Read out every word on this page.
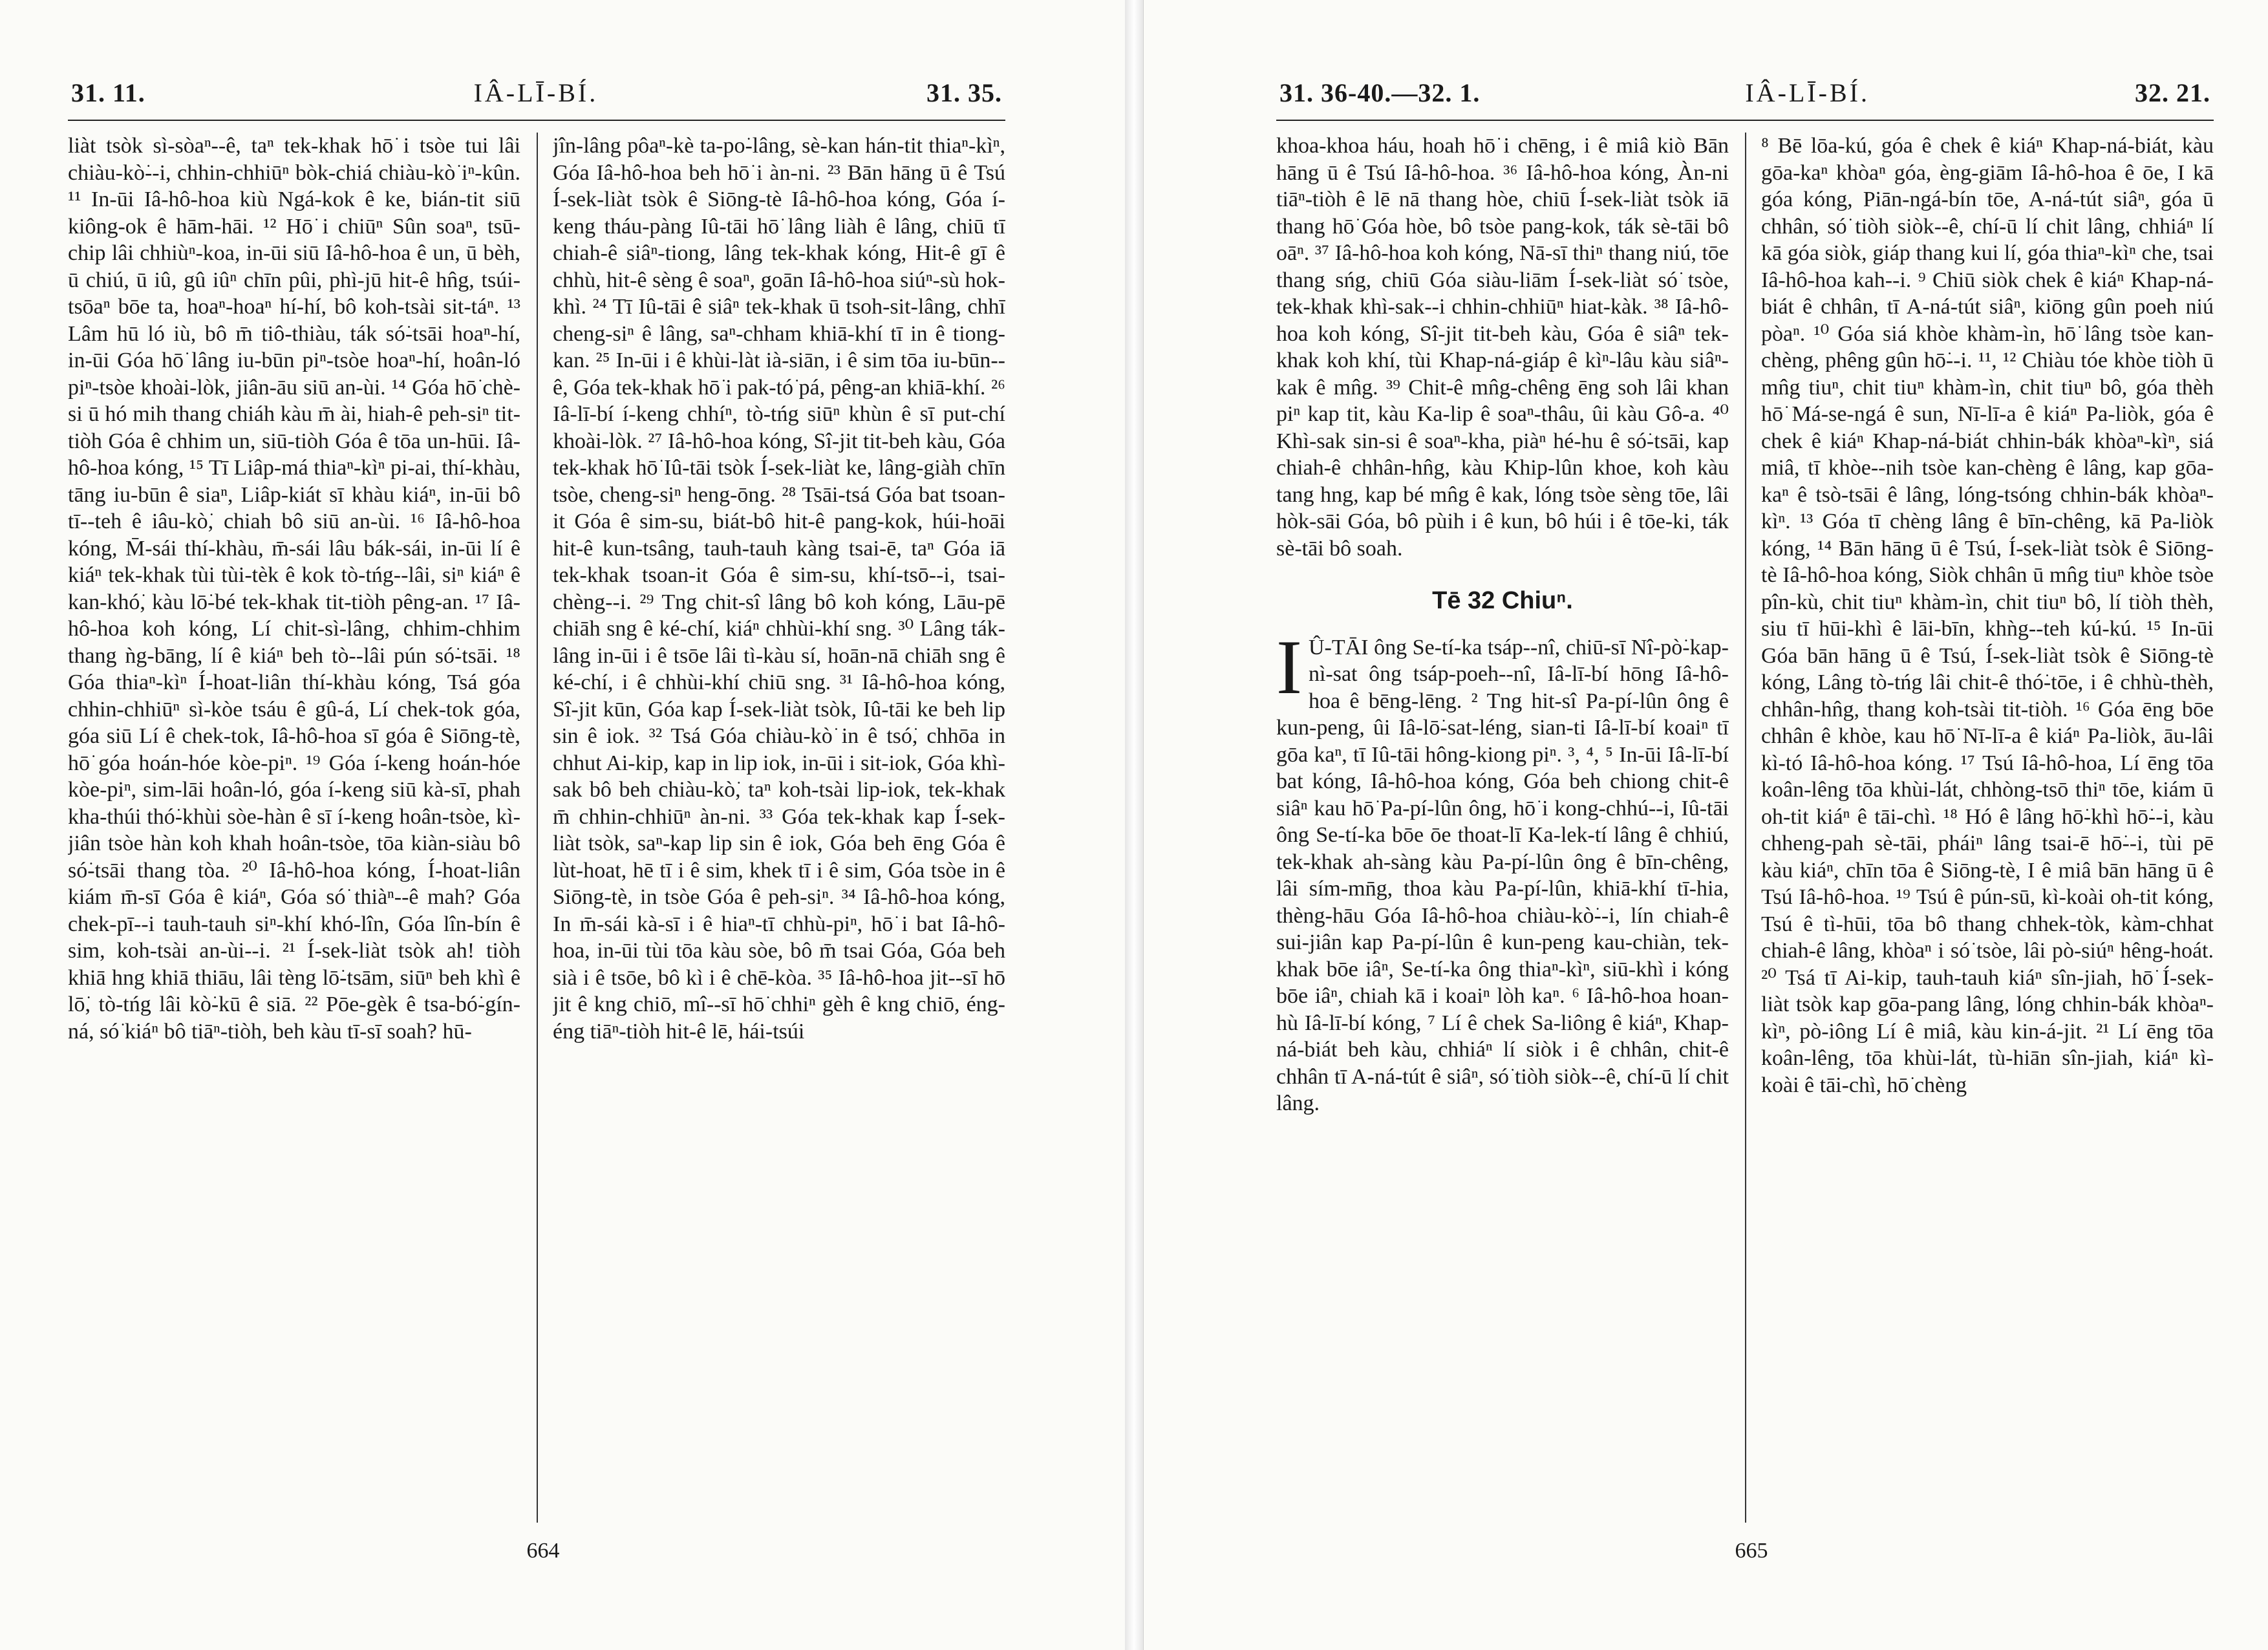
31. 11.	IÂ-LĪ-BÍ.	31. 35.

liàt tsòk sì-sòaⁿ--ê, taⁿ tek-khak hō͘ i tsòe tui lâi chiàu-kò͘--i, chhin-chhiūⁿ bòk-chiá chiàu-kò͘ iⁿ-kûn. ¹¹ In-ūi Iâ-hô-hoa kiù Ngá-kok ê ke, bián-tit siū kiông-ok ê hām-hāi. ¹² Hō͘ i chiūⁿ Sûn soaⁿ, tsū-chip lâi chhiùⁿ-koa, in-ūi siū Iâ-hô-hoa ê un, ū bèh, ū chiú, ū iû, gû iûⁿ chīn pûi, phì-jū hit-ê hn̂g, tsúi-tsōaⁿ bōe ta, hoaⁿ-hoaⁿ hí-hí, bô koh-tsài sit-táⁿ. ¹³ Lâm hū ló iù, bô m̄ tiô-thiàu, ták só͘-tsāi hoaⁿ-hí, in-ūi Góa hō͘ lâng iu-būn piⁿ-tsòe hoaⁿ-hí, hoân-ló piⁿ-tsòe khoài-lòk, jiân-āu siū an-ùi. ¹⁴ Góa hō͘ chè-si ū hó mih thang chiáh kàu m̄ ài, hiah-ê peh-siⁿ tit-tiòh Góa ê chhim un, siū-tiòh Góa ê tōa un-hūi. Iâ-hô-hoa kóng, ¹⁵ Tī Liâp-má thiaⁿ-kìⁿ pi-ai, thí-khàu, tāng iu-būn ê siaⁿ, Liâp-kiát sī khàu kiáⁿ, in-ūi bô tī--teh ê iâu-kò͘, chiah bô siū an-ùi. ¹⁶ Iâ-hô-hoa kóng, M̄-sái thí-khàu, m̄-sái lâu bák-sái, in-ūi lí ê kiáⁿ tek-khak tùi tùi-tèk ê kok tò-tńg--lâi, siⁿ kiáⁿ ê kan-khó͘, kàu lō͘-bé tek-khak tit-tiòh pêng-an. ¹⁷ Iâ-hô-hoa koh kóng, Lí chit-sì-lâng, chhim-chhim thang ǹg-bāng, lí ê kiáⁿ beh tò--lâi pún só͘-tsāi. ¹⁸ Góa thiaⁿ-kìⁿ Í-hoat-liân thí-khàu kóng, Tsá góa chhin-chhiūⁿ sì-kòe tsáu ê gû-á, Lí chek-tok góa, góa siū Lí ê chek-tok, Iâ-hô-hoa sī góa ê Siōng-tè, hō͘ góa hoán-hóe kòe-piⁿ. ¹⁹ Góa í-keng hoán-hóe kòe-piⁿ, sim-lāi hoân-ló, góa í-keng siū kà-sī, phah kha-thúi thó͘-khùi sòe-hàn ê sī í-keng hoân-tsòe, kì-jiân tsòe hàn koh khah hoân-tsòe, tōa kiàn-siàu bô só͘-tsāi thang tòa. ²⁰ Iâ-hô-hoa kóng, Í-hoat-liân kiám m̄-sī Góa ê kiáⁿ, Góa só͘ thiàⁿ--ê mah? Góa chek-pī--i tauh-tauh siⁿ-khí khó-lîn, Góa lîn-bín ê sim, koh-tsài an-ùi--i. ²¹ Í-sek-liàt tsòk ah! tiòh khiā hng khiā thiāu, lâi tèng lō͘-tsām, siūⁿ beh khì ê lō͘, tò-tńg lâi kò͘-kū ê siā. ²² Pōe-gèk ê tsa-bó͘-gín-ná, só͘ kiáⁿ bô tiāⁿ-tiòh, beh kàu tī-sī soah? hū-

jîn-lâng pôaⁿ-kè ta-po͘-lâng, sè-kan hán-tit thiaⁿ-kìⁿ, Góa Iâ-hô-hoa beh hō͘ i àn-ni. ²³ Bān hāng ū ê Tsú Í-sek-liàt tsòk ê Siōng-tè Iâ-hô-hoa kóng, Góa í-keng tháu-pàng Iû-tāi hō͘ lâng liàh ê lâng, chiū tī chiah-ê siâⁿ-tiong, lâng tek-khak kóng, Hit-ê gī ê chhù, hit-ê sèng ê soaⁿ, goān Iâ-hô-hoa siúⁿ-sù hok-khì. ²⁴ Tī Iû-tāi ê siâⁿ tek-khak ū tsoh-sit-lâng, chhī cheng-siⁿ ê lâng, saⁿ-chham khiā-khí tī in ê tiong-kan. ²⁵ In-ūi i ê khùi-làt ià-siān, i ê sim tōa iu-būn--ê, Góa tek-khak hō͘ i pak-tó͘ pá, pêng-an khiā-khí. ²⁶ Iâ-lī-bí í-keng chhíⁿ, tò-tńg siūⁿ khùn ê sī put-chí khoài-lòk. ²⁷ Iâ-hô-hoa kóng, Sî-jit tit-beh kàu, Góa tek-khak hō͘ Iû-tāi tsòk Í-sek-liàt ke, lâng-giàh chīn tsòe, cheng-siⁿ heng-ōng. ²⁸ Tsāi-tsá Góa bat tsoan-it Góa ê sim-su, biát-bô hit-ê pang-kok, húi-hoāi hit-ê kun-tsâng, tauh-tauh kàng tsai-ē, taⁿ Góa iā tek-khak tsoan-it Góa ê sim-su, khí-tsō--i, tsai-chèng--i. ²⁹ Tng chit-sî lâng bô koh kóng, Lāu-pē chiāh sng ê ké-chí, kiáⁿ chhùi-khí sng. ³⁰ Lâng ták-lâng in-ūi i ê tsōe lâi tì-kàu sí, hoān-nā chiāh sng ê ké-chí, i ê chhùi-khí chiū sng. ³¹ Iâ-hô-hoa kóng, Sî-jit kūn, Góa kap Í-sek-liàt tsòk, Iû-tāi ke beh lip sin ê iok. ³² Tsá Góa chiàu-kò͘ in ê tsó͘, chhōa in chhut Ai-kip, kap in lip iok, in-ūi i sit-iok, Góa khì-sak bô beh chiàu-kò͘, taⁿ koh-tsài lip-iok, tek-khak m̄ chhin-chhiūⁿ àn-ni. ³³ Góa tek-khak kap Í-sek-liàt tsòk, saⁿ-kap lip sin ê iok, Góa beh ēng Góa ê lùt-hoat, hē tī i ê sim, khek tī i ê sim, Góa tsòe in ê Siōng-tè, in tsòe Góa ê peh-siⁿ. ³⁴ Iâ-hô-hoa kóng, In m̄-sái kà-sī i ê hiaⁿ-tī chhù-piⁿ, hō͘ i bat Iâ-hô-hoa, in-ūi tùi tōa kàu sòe, bô m̄ tsai Góa, Góa beh sià i ê tsōe, bô kì i ê chē-kòa. ³⁵ Iâ-hô-hoa jit--sī hō͘ jit ê kng chiō, mî--sī hō͘ chhiⁿ gèh ê kng chiō, éng-éng tiāⁿ-tiòh hit-ê lē, hái-tsúi

664
31. 36-40.—32. 1.	IÂ-LĪ-BÍ.	32. 21.

khoa-khoa háu, hoah hō͘ i chēng, i ê miâ kiò Bān hāng ū ê Tsú Iâ-hô-hoa. ³⁶ Iâ-hô-hoa kóng, Àn-ni tiāⁿ-tiòh ê lē nā thang hòe, chiū Í-sek-liàt tsòk iā thang hō͘ Góa hòe, bô tsòe pang-kok, ták sè-tāi bô oāⁿ. ³⁷ Iâ-hô-hoa koh kóng, Nā-sī thiⁿ thang niú, tōe thang sńg, chiū Góa siàu-liām Í-sek-liàt só͘ tsòe, tek-khak khì-sak--i chhin-chhiūⁿ hiat-kàk. ³⁸ Iâ-hô-hoa koh kóng, Sî-jit tit-beh kàu, Góa ê siâⁿ tek-khak koh khí, tùi Khap-ná-giáp ê kìⁿ-lâu kàu siâⁿ-kak ê mn̂g. ³⁹ Chit-ê mn̂g-chêng ēng soh lâi khan piⁿ kap tit, kàu Ka-lip ê soaⁿ-thâu, ûi kàu Gô-a. ⁴⁰ Khì-sak sin-si ê soaⁿ-kha, piàⁿ hé-hu ê só͘-tsāi, kap chiah-ê chhân-hn̂g, kàu Khip-lûn khoe, koh kàu tang hng, kap bé mn̂g ê kak, lóng tsòe sèng tōe, lâi hòk-sāi Góa, bô pùih i ê kun, bô húi i ê tōe-ki, ták sè-tāi bô soah.

Tē 32 Chiuⁿ.

I Û-TĀI ông Se-tí-ka tsáp--nî, chiū-sī Nî-pò͘-kap-nì-sat ông tsáp-poeh--nî, Iâ-lī-bí hōng Iâ-hô-hoa ê bēng-lēng. ² Tng hit-sî Pa-pí-lûn ông ê kun-peng, ûi Iâ-lō͘-sat-léng, sian-ti Iâ-lī-bí koaiⁿ tī gōa kaⁿ, tī Iû-tāi hông-kiong piⁿ. ³, ⁴, ⁵ In-ūi Iâ-lī-bí bat kóng, Iâ-hô-hoa kóng, Góa beh chiong chit-ê siâⁿ kau hō͘ Pa-pí-lûn ông, hō͘ i kong-chhú--i, Iû-tāi ông Se-tí-ka bōe ōe thoat-lī Ka-lek-tí lâng ê chhiú, tek-khak ah-sàng kàu Pa-pí-lûn ông ê bīn-chêng, lâi sím-mn̄g, thoa kàu Pa-pí-lûn, khiā-khí tī-hia, thèng-hāu Góa Iâ-hô-hoa chiàu-kò͘--i, lín chiah-ê sui-jiân kap Pa-pí-lûn ê kun-peng kau-chiàn, tek-khak bōe iâⁿ, Se-tí-ka ông thiaⁿ-kìⁿ, siū-khì i kóng bōe iâⁿ, chiah kā i koaiⁿ lòh kaⁿ. ⁶ Iâ-hô-hoa hoan-hù Iâ-lī-bí kóng, ⁷ Lí ê chek Sa-liông ê kiáⁿ, Khap-ná-biát beh kàu, chhiáⁿ lí siòk i ê chhân, chit-ê chhân tī A-ná-tút ê siâⁿ, só͘ tiòh siòk--ê, chí-ū lí chit lâng.

⁸ Bē lōa-kú, góa ê chek ê kiáⁿ Khap-ná-biát, kàu gōa-kaⁿ khòaⁿ góa, èng-giām Iâ-hô-hoa ê ōe, I kā góa kóng, Piān-ngá-bín tōe, A-ná-tút siâⁿ, góa ū chhân, só͘ tiòh siòk--ê, chí-ū lí chit lâng, chhiáⁿ lí kā góa siòk, giáp thang kui lí, góa thiaⁿ-kìⁿ che, tsai Iâ-hô-hoa kah--i. ⁹ Chiū siòk chek ê kiáⁿ Khap-ná-biát ê chhân, tī A-ná-tút siâⁿ, kiōng gûn poeh niú pòaⁿ. ¹⁰ Góa siá khòe khàm-ìn, hō͘ lâng tsòe kan-chèng, phêng gûn hō͘--i. ¹¹, ¹² Chiàu tóe khòe tiòh ū mn̂g tiuⁿ, chit tiuⁿ khàm-ìn, chit tiuⁿ bô, góa thèh hō͘ Má-se-ngá ê sun, Nī-lī-a ê kiáⁿ Pa-liòk, góa ê chek ê kiáⁿ Khap-ná-biát chhin-bák khòaⁿ-kìⁿ, siá miâ, tī khòe--nih tsòe kan-chèng ê lâng, kap gōa-kaⁿ ê tsò-tsāi ê lâng, lóng-tsóng chhin-bák khòaⁿ-kìⁿ. ¹³ Góa tī chèng lâng ê bīn-chêng, kā Pa-liòk kóng, ¹⁴ Bān hāng ū ê Tsú, Í-sek-liàt tsòk ê Siōng-tè Iâ-hô-hoa kóng, Siòk chhân ū mn̂g tiuⁿ khòe tsòe pîn-kù, chit tiuⁿ khàm-ìn, chit tiuⁿ bô, lí tiòh thèh, siu tī hūi-khì ê lāi-bīn, khǹg--teh kú-kú. ¹⁵ In-ūi Góa bān hāng ū ê Tsú, Í-sek-liàt tsòk ê Siōng-tè kóng, Lâng tò-tńg lâi chit-ê thó͘-tōe, i ê chhù-thèh, chhân-hn̂g, thang koh-tsài tit-tiòh. ¹⁶ Góa ēng bōe chhân ê khòe, kau hō͘ Nī-lī-a ê kiáⁿ Pa-liòk, āu-lâi kì-tó Iâ-hô-hoa kóng. ¹⁷ Tsú Iâ-hô-hoa, Lí ēng tōa koân-lêng tōa khùi-lát, chhòng-tsō thiⁿ tōe, kiám ū oh-tit kiáⁿ ê tāi-chì. ¹⁸ Hó ê lâng hō͘-khì hō͘--i, kàu chheng-pah sè-tāi, pháiⁿ lâng tsai-ē hō͘--i, tùi pē kàu kiáⁿ, chīn tōa ê Siōng-tè, I ê miâ bān hāng ū ê Tsú Iâ-hô-hoa. ¹⁹ Tsú ê pún-sū, kì-koài oh-tit kóng, Tsú ê tì-hūi, tōa bô thang chhek-tòk, kàm-chhat chiah-ê lâng, khòaⁿ i só͘ tsòe, lâi pò-siúⁿ hêng-hoát. ²⁰ Tsá tī Ai-kip, tauh-tauh kiáⁿ sîn-jiah, hō͘ Í-sek-liàt tsòk kap gōa-pang lâng, lóng chhin-bák khòaⁿ-kìⁿ, pò-iông Lí ê miâ, kàu kin-á-jit. ²¹ Lí ēng tōa koân-lêng, tōa khùi-lát, tù-hiān sîn-jiah, kiáⁿ kì-koài ê tāi-chì, hō͘ chèng

665
